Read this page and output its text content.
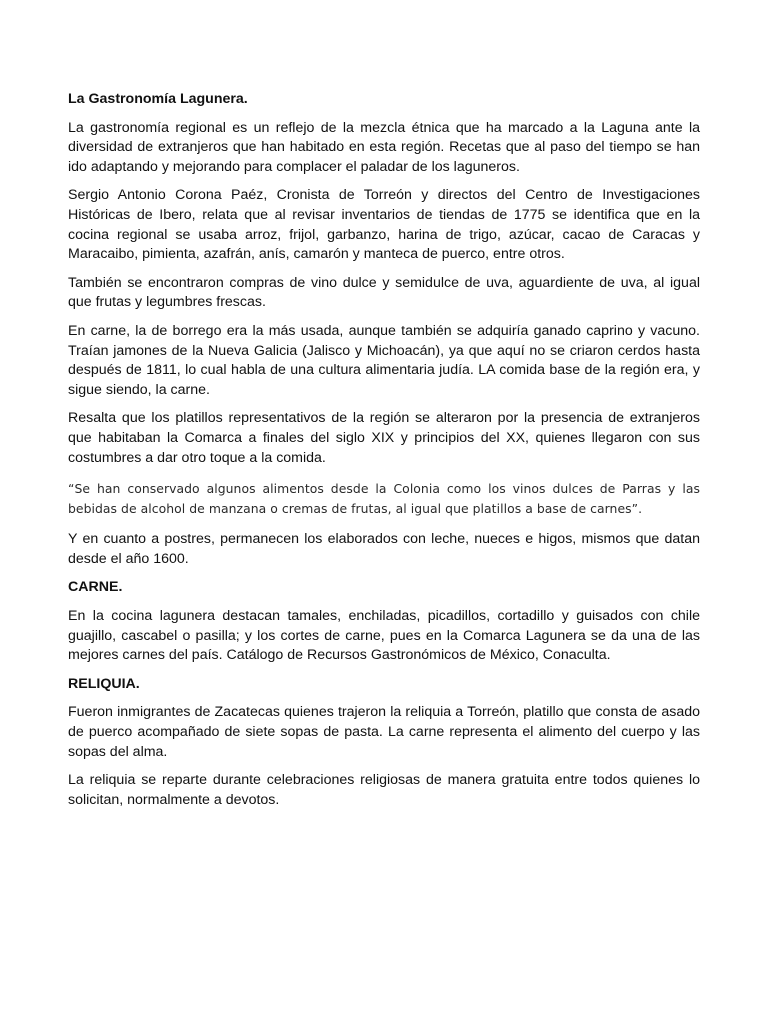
La Gastronomía Lagunera.

La gastronomía regional es un reflejo de la mezcla étnica que ha marcado a la Laguna ante la diversidad de extranjeros que han habitado en esta región. Recetas que al paso del tiempo se han ido adaptando y mejorando para complacer el paladar de los laguneros.

Sergio Antonio Corona Paéz, Cronista de Torreón y directos del Centro de Investigaciones Históricas de Ibero, relata que al revisar inventarios de tiendas de 1775 se identifica que en la cocina regional se usaba arroz, frijol, garbanzo, harina de trigo, azúcar, cacao de Caracas y Maracaibo, pimienta, azafrán, anís, camarón y manteca de puerco, entre otros.

También se encontraron compras de vino dulce y semidulce de uva, aguardiente de uva, al igual que frutas y legumbres frescas.

En carne, la de borrego era la más usada, aunque también se adquiría ganado caprino y vacuno. Traían jamones de la Nueva Galicia (Jalisco y Michoacán), ya que aquí no se criaron cerdos hasta después de 1811, lo cual habla de una cultura alimentaria judía. LA comida base de la región era, y sigue siendo, la carne.

Resalta que los platillos representativos de la región se alteraron por la presencia de extranjeros que habitaban la Comarca a finales del siglo XIX y principios del XX, quienes llegaron con sus costumbres a dar otro toque a la comida.

“Se han conservado algunos alimentos desde la Colonia como los vinos dulces de Parras y las bebidas de alcohol de manzana o cremas de frutas, al igual que platillos a base de carnes”.

Y en cuanto a postres, permanecen los elaborados con leche, nueces e higos, mismos que datan desde el año 1600.

CARNE.

En la cocina lagunera destacan tamales, enchiladas, picadillos, cortadillo y guisados con chile guajillo, cascabel o pasilla; y los cortes de carne, pues en la Comarca Lagunera se da una de las mejores carnes del país. Catálogo de Recursos Gastronómicos de México, Conaculta.

RELIQUIA.

Fueron inmigrantes de Zacatecas quienes trajeron la reliquia a Torreón, platillo que consta de asado de puerco acompañado de siete sopas de pasta. La carne representa el alimento del cuerpo y las sopas del alma.

La reliquia se reparte durante celebraciones religiosas de manera gratuita entre todos quienes lo solicitan, normalmente a devotos.
